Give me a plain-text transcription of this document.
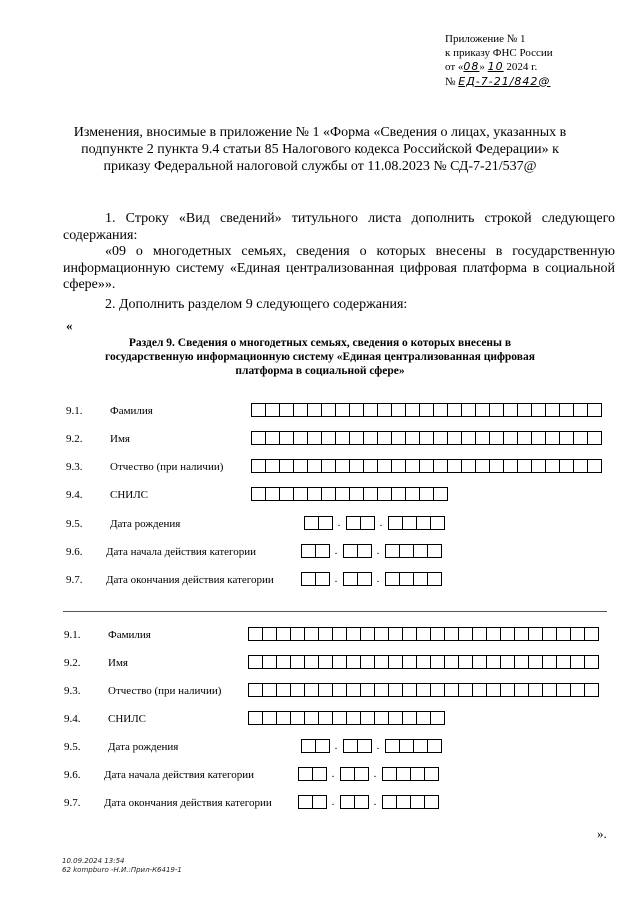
Приложение № 1
к приказу ФНС России
от «08» 10 2024 г.
№ ЕД-7-21/842@
Изменения, вносимые в приложение № 1 «Форма «Сведения о лицах, указанных в подпункте 2 пункта 9.4 статьи 85 Налогового кодекса Российской Федерации» к приказу Федеральной налоговой службы от 11.08.2023 № СД-7-21/537@
1. Строку «Вид сведений» титульного листа дополнить строкой следующего содержания:
«09 о многодетных семьях, сведения о которых внесены в государственную информационную систему «Единая централизованная цифровая платформа в социальной сфере»».
2. Дополнить разделом 9 следующего содержания:
«
Раздел 9. Сведения о многодетных семьях, сведения о которых внесены в государственную информационную систему «Единая централизованная цифровая платформа в социальной сфере»
9.1.	Фамилия
9.2.	Имя
9.3.	Отчество (при наличии)
9.4.	СНИЛС
9.5.	Дата рождения	.	.
9.6. Дата начала действия категории	.	.
9.7. Дата окончания действия категории	.	.
9.1.	Фамилия
9.2.	Имя
9.3.	Отчество (при наличии)
9.4.	СНИЛС
9.5.	Дата рождения	.	.
9.6. Дата начала действия категории	.	.
9.7. Дата окончания действия категории	.	.
».
10.09.2024 13:54
62 kompburo -Н.И.:Прил-К6419-1
